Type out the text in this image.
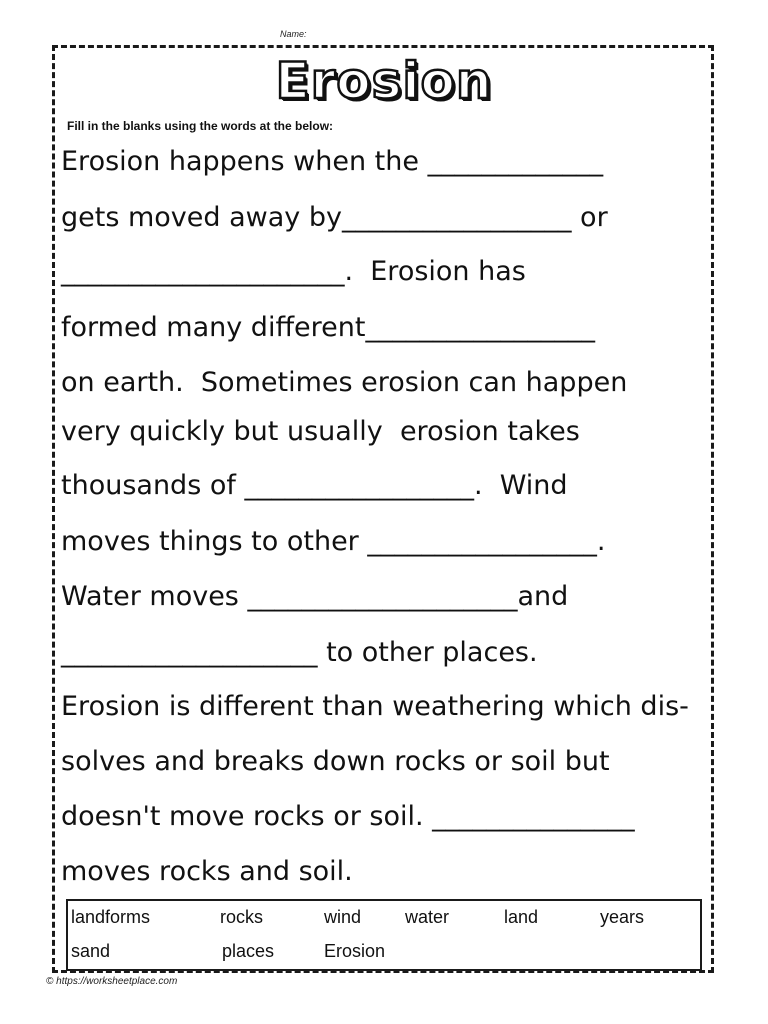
Name:
Erosion
Fill in the blanks using the words at the below:
Erosion happens when the _____________
gets moved away by_________________ or
_____________________.  Erosion has
formed many different_________________
on earth.  Sometimes erosion can happen
very quickly but usually  erosion takes
thousands of _________________.  Wind
moves things to other _________________.
Water moves ____________________and
___________________ to other places.
Erosion is different than weathering which dis-
solves and breaks down rocks or soil but
doesn't move rocks or soil. _______________
moves rocks and soil.
landforms	rocks	wind water	land	years
sand	places	Erosion
© https://worksheetplace.com
